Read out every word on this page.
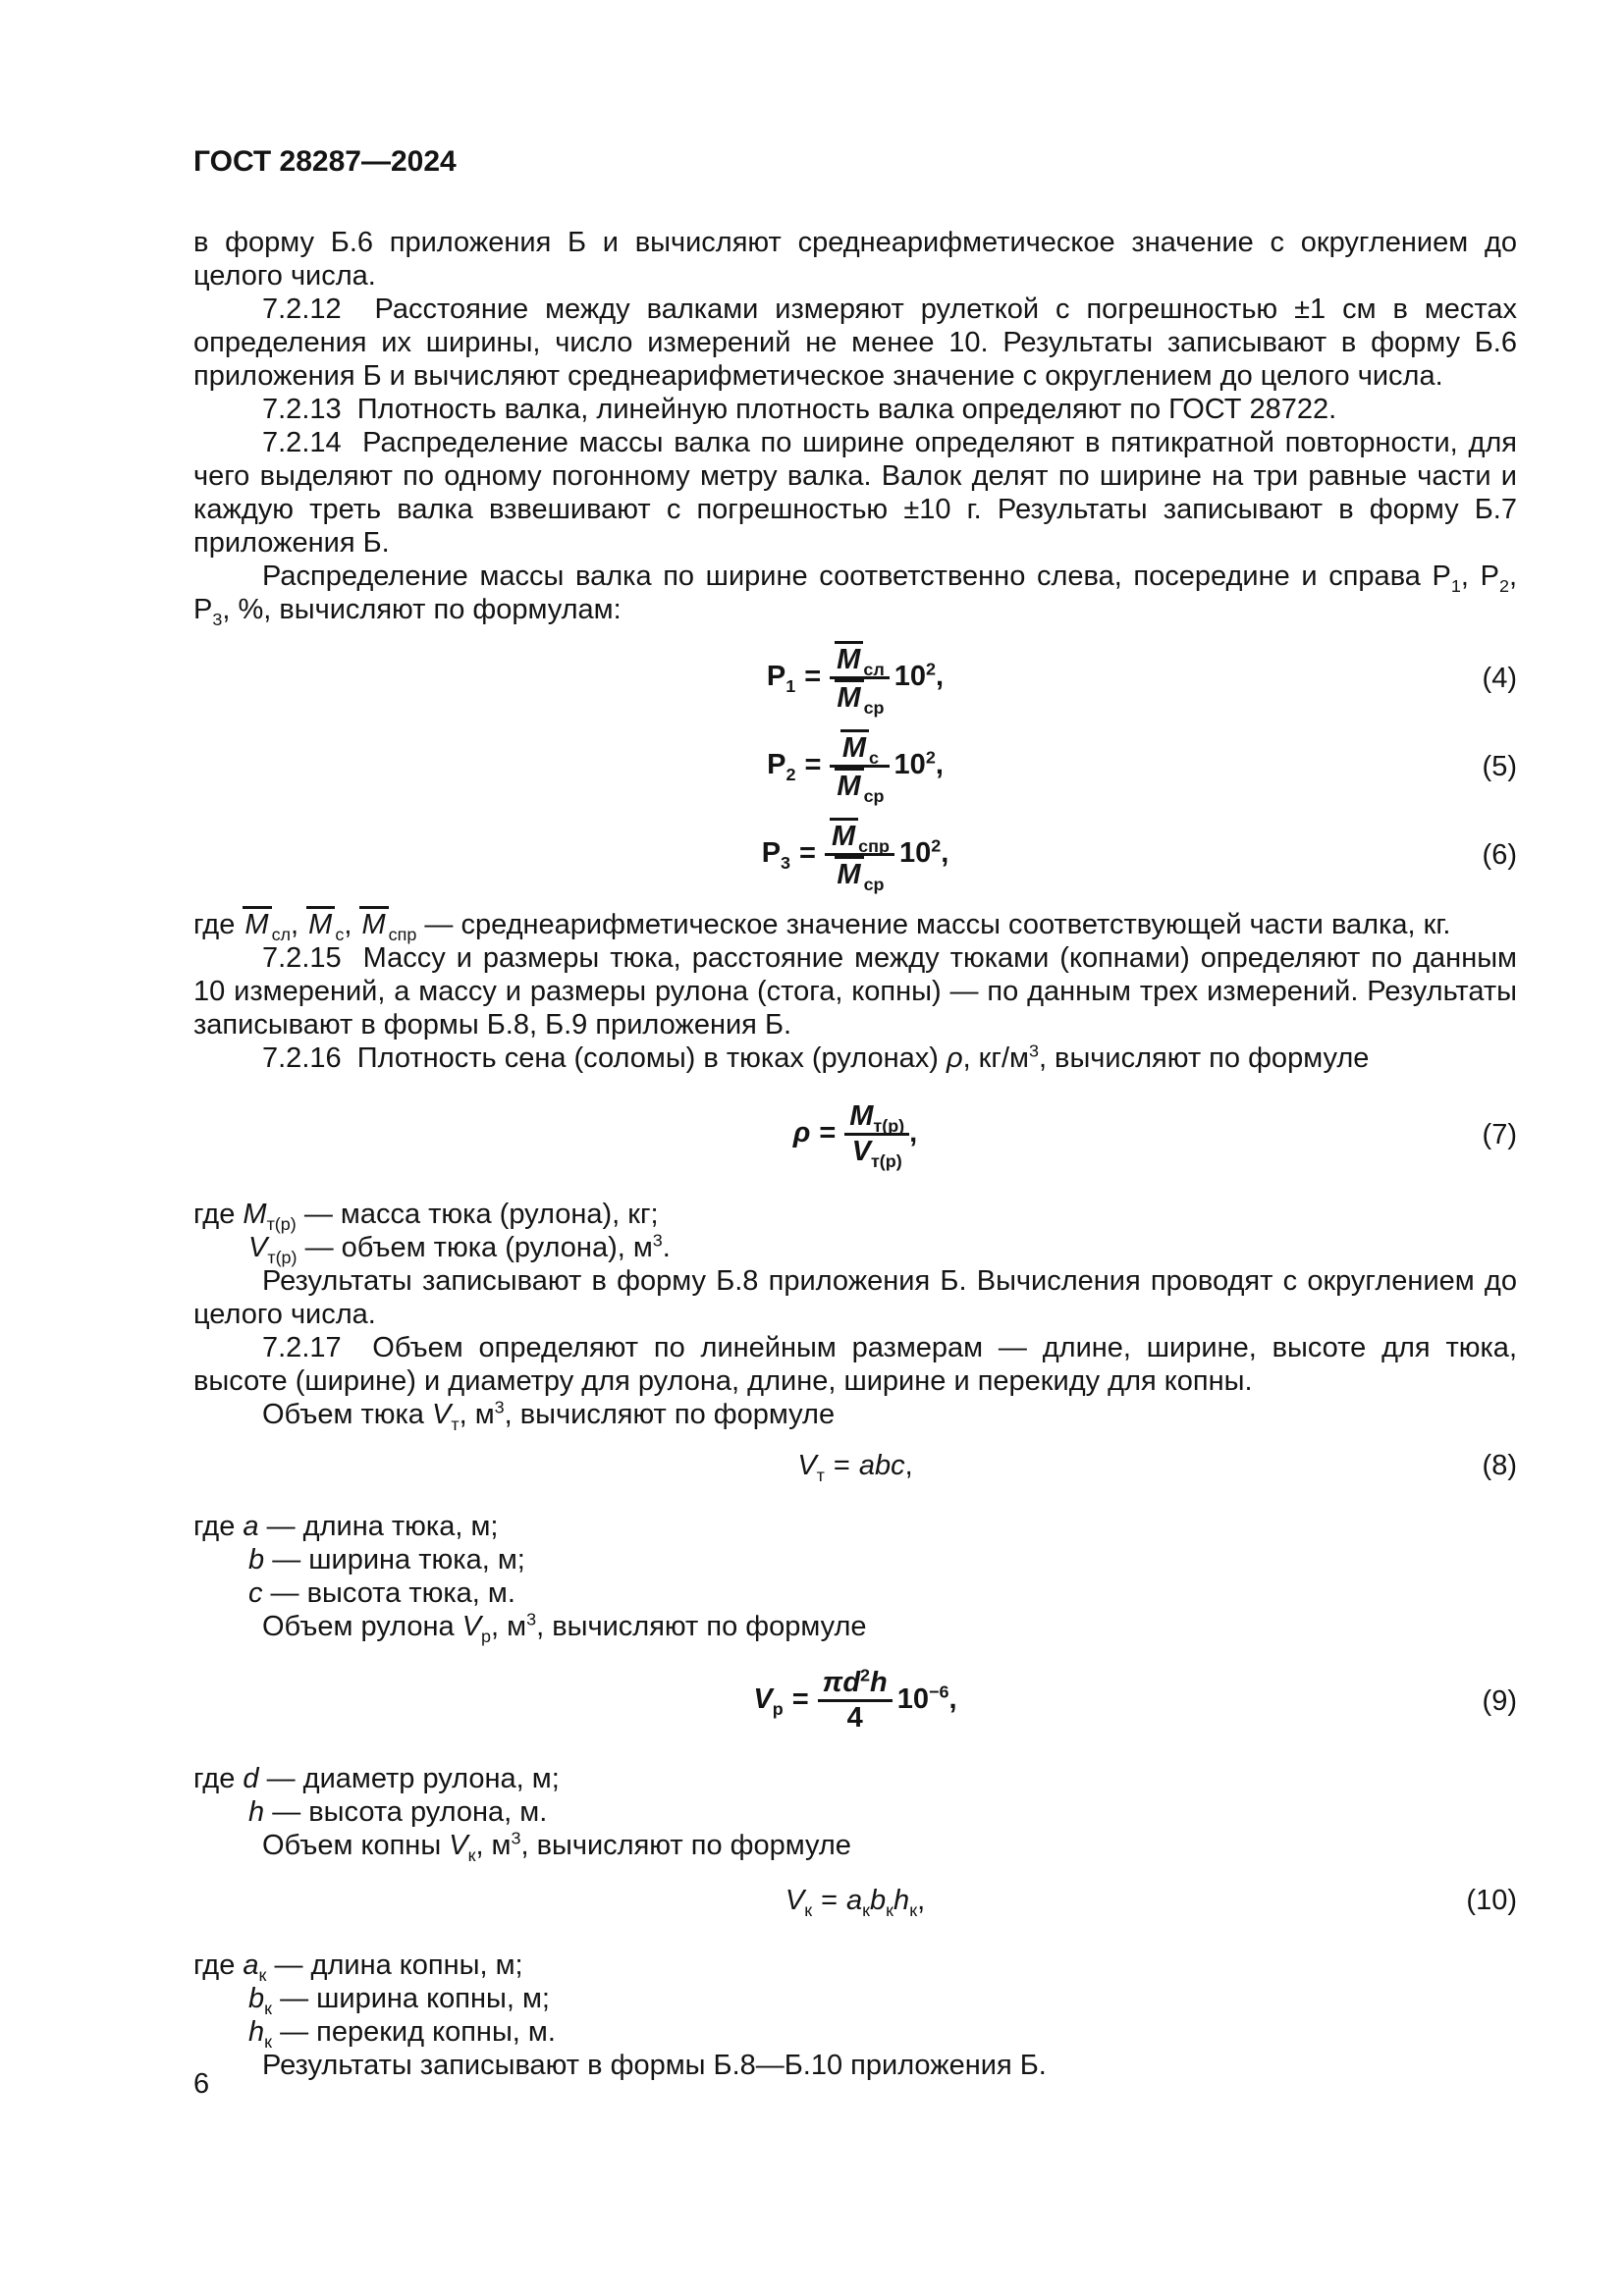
ГОСТ 28287—2024

в форму Б.6 приложения Б и вычисляют среднеарифметическое значение с округлением до целого числа.

7.2.12  Расстояние между валками измеряют рулеткой с погрешностью ±1 см в местах определения их ширины, число измерений не менее 10. Результаты записывают в форму Б.6 приложения Б и вычисляют среднеарифметическое значение с округлением до целого числа.

7.2.13  Плотность валка, линейную плотность валка определяют по ГОСТ 28722.

7.2.14  Распределение массы валка по ширине определяют в пятикратной повторности, для чего выделяют по одному погонному метру валка. Валок делят по ширине на три равные части и каждую треть валка взвешивают с погрешностью ±10 г. Результаты записывают в форму Б.7 приложения Б.

Распределение массы валка по ширине соответственно слева, посередине и справа $Р_1$, $Р_2$, $Р_3$, %, вычисляют по формулам:

$Р_1 = \frac{M _{сл}}{M _{ср}} 10^2$,	(4)
$Р_2 = \frac{M _с}{M _{ср}} 10^2$,	(5)
$Р_3 = \frac{M _{спр}}{M _{ср}} 10^2$,	(6)

где M $_{сл}$, M $_с$, M $_{спр}$ — среднеарифметическое значение массы соответствующей части валка, кг.

7.2.15  Массу и размеры тюка, расстояние между тюками (копнами) определяют по данным 10 измерений, а массу и размеры рулона (стога, копны) — по данным трех измерений. Результаты записывают в формы Б.8, Б.9 приложения Б.

7.2.16  Плотность сена (соломы) в тюках (рулонах) ρ, $кг/м^3$, вычисляют по формуле

$\rho = \frac{M_{т(р)}}{V_{т(р)}}$ ,	(7)

где $M_{т(р)}$ — масса тюка (рулона), кг;

$V_{т(р)}$ — объем тюка (рулона), $м^3$.

Результаты записывают в форму Б.8 приложения Б. Вычисления проводят с округлением до целого числа.

7.2.17  Объем определяют по линейным размерам — длине, ширине, высоте для тюка, высоте (ширине) и диаметру для рулона, длине, ширине и перекиду для копны.

Объем тюка $V_т$, $м^3$, вычисляют по формуле

$V_т$ = abc,	(8)

где a — длина тюка, м;

b — ширина тюка, м;

c — высота тюка, м.

Объем рулона $V_р$, $м^3$, вычисляют по формуле

$V_р = \frac{\pi d^2h}{4} 10^{-6}$,	(9)

где d — диаметр рулона, м;

h — высота рулона, м.

Объем копны $V_к$, $м^3$, вычисляют по формуле

$V_к = a_кb_кh_к$,	(10)

где $a_к$ — длина копны, м;

$b_к$ — ширина копны, м;

$h_к$ — перекид копны, м.

Результаты записывают в формы Б.8—Б.10 приложения Б.

6
